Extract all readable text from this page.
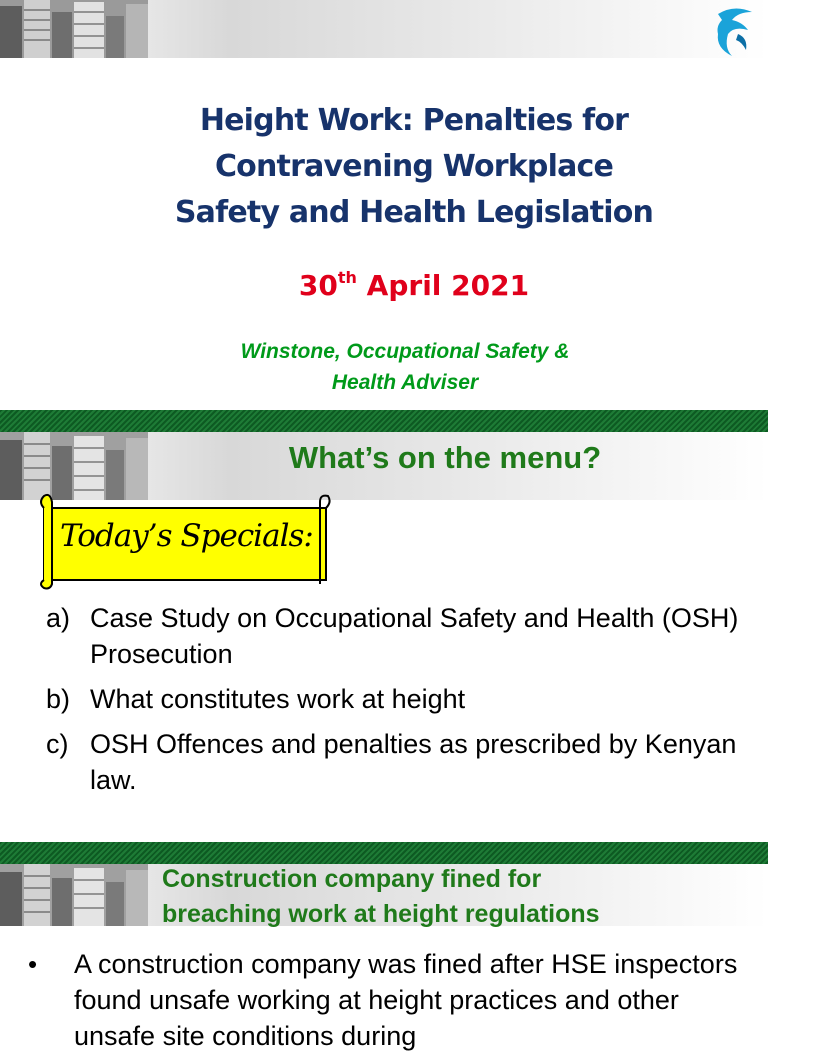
Height Work: Penalties for
Contravening Workplace
Safety and Health Legislation
30th April 2021
Winstone, Occupational Safety &
Health Adviser
What’s on the menu?
Today’s Specials:
a) Case Study on Occupational Safety and Health (OSH) Prosecution
b) What constitutes work at height
c) OSH Offences and penalties as prescribed by Kenyan law.
Construction company fined for
breaching work at height regulations
• A construction company was fined after HSE inspectors found unsafe working at height practices and other unsafe site conditions during
